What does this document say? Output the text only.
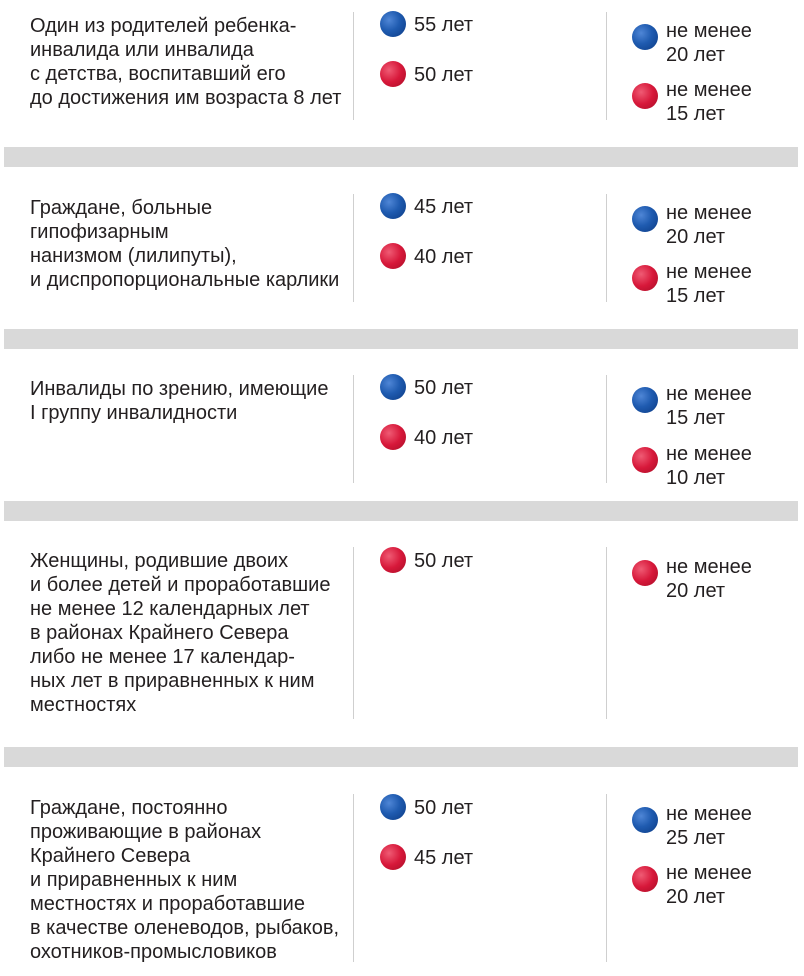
Один из родителей ребенка-
инвалида или инвалида
с детства, воспитавший его
до достижения им возраста 8 лет
55 лет
50 лет
не менее
20 лет
не менее
15 лет
Граждане, больные
гипофизарным
нанизмом (лилипуты),
и диспропорциональные карлики
45 лет
40 лет
не менее
20 лет
не менее
15 лет
Инвалиды по зрению, имеющие
I группу инвалидности
50 лет
40 лет
не менее
15 лет
не менее
10 лет
Женщины, родившие двоих
и более детей и проработавшие
не менее 12 календарных лет
в районах Крайнего Севера
либо не менее 17 календар-
ных лет в приравненных к ним
местностях
50 лет	не менее
20 лет
Граждане, постоянно
проживающие в районах
Крайнего Севера
и приравненных к ним
местностях и проработавшие
в качестве оленеводов, рыбаков,
охотников-промысловиков
50 лет
45 лет
не менее
25 лет
не менее
20 лет
